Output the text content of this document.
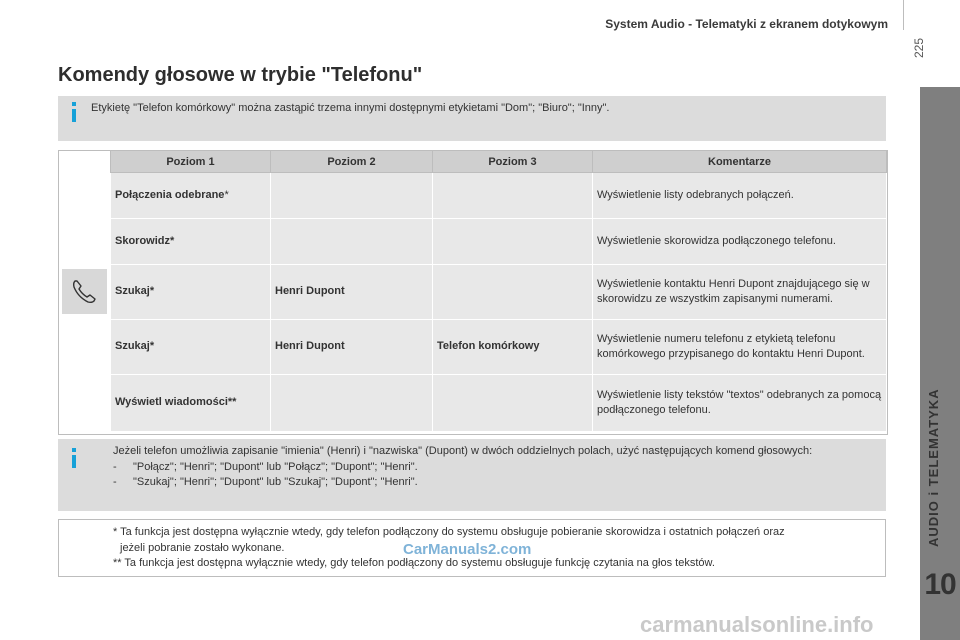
System Audio - Telematyki z ekranem dotykowym
225
AUDIO i TELEMATYKA
10
Komendy głosowe w trybie "Telefonu"
Etykietę "Telefon komórkowy" można zastąpić trzema innymi dostępnymi etykietami "Dom"; "Biuro"; "Inny".
Poziom 1	Poziom 2	Poziom 3	Komentarze
Połączenia odebrane*			Wyświetlenie listy odebranych połączeń.
Skorowidz*			Wyświetlenie skorowidza podłączonego telefonu.
Szukaj*	Henri Dupont		Wyświetlenie kontaktu Henri Dupont znajdującego się w skorowidzu ze wszystkim zapisanymi numerami.
Szukaj*	Henri Dupont	Telefon komórkowy	Wyświetlenie numeru telefonu z etykietą telefonu komórkowego przypisanego do kontaktu Henri Dupont.
Wyświetl wiadomości**			Wyświetlenie listy tekstów "textos" odebranych za pomocą podłączonego telefonu.
Jeżeli telefon umożliwia zapisanie "imienia" (Henri) i "nazwiska" (Dupont) w dwóch oddzielnych polach, użyć następujących komend głosowych:
-	"Połącz"; "Henri"; "Dupont" lub "Połącz"; "Dupont"; "Henri".
-	"Szukaj"; "Henri"; "Dupont" lub "Szukaj"; "Dupont"; "Henri".
* Ta funkcja jest dostępna wyłącznie wtedy, gdy telefon podłączony do systemu obsługuje pobieranie skorowidza i ostatnich połączeń oraz
jeżeli pobranie zostało wykonane.
** Ta funkcja jest dostępna wyłącznie wtedy, gdy telefon podłączony do systemu obsługuje funkcję czytania na głos tekstów.
CarManuals2.com
carmanualsonline.info
